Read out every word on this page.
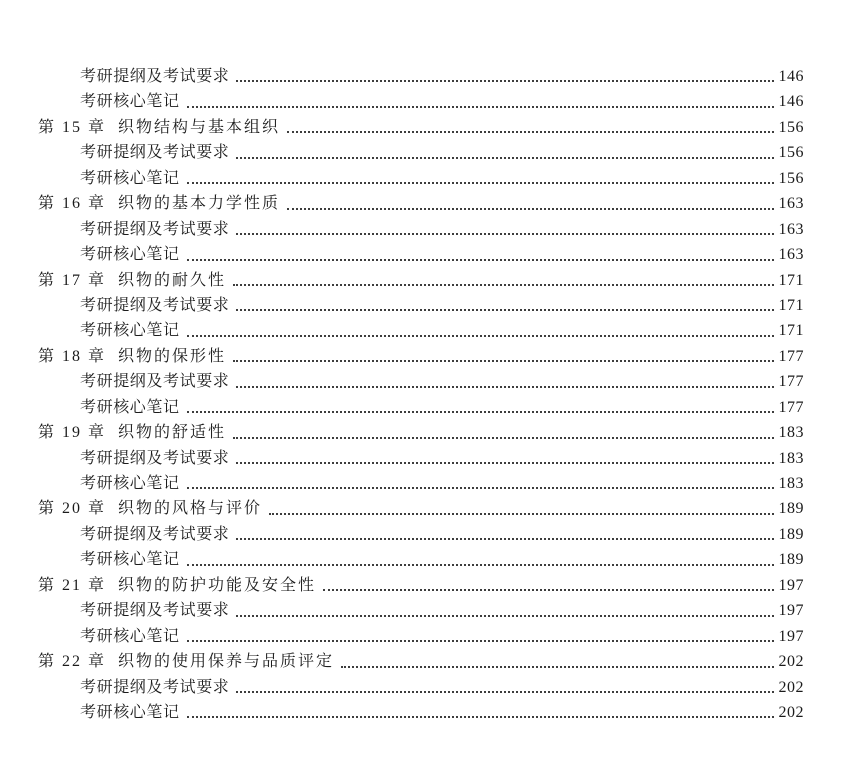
考研提纲及考试要求	146
考研核心笔记	146
第 15 章 织物结构与基本组织	156
考研提纲及考试要求	156
考研核心笔记	156
第 16 章 织物的基本力学性质	163
考研提纲及考试要求	163
考研核心笔记	163
第 17 章 织物的耐久性	171
考研提纲及考试要求	171
考研核心笔记	171
第 18 章 织物的保形性	177
考研提纲及考试要求	177
考研核心笔记	177
第 19 章 织物的舒适性	183
考研提纲及考试要求	183
考研核心笔记	183
第 20 章 织物的风格与评价	189
考研提纲及考试要求	189
考研核心笔记	189
第 21 章 织物的防护功能及安全性	197
考研提纲及考试要求	197
考研核心笔记	197
第 22 章 织物的使用保养与品质评定	202
考研提纲及考试要求	202
考研核心笔记	202
